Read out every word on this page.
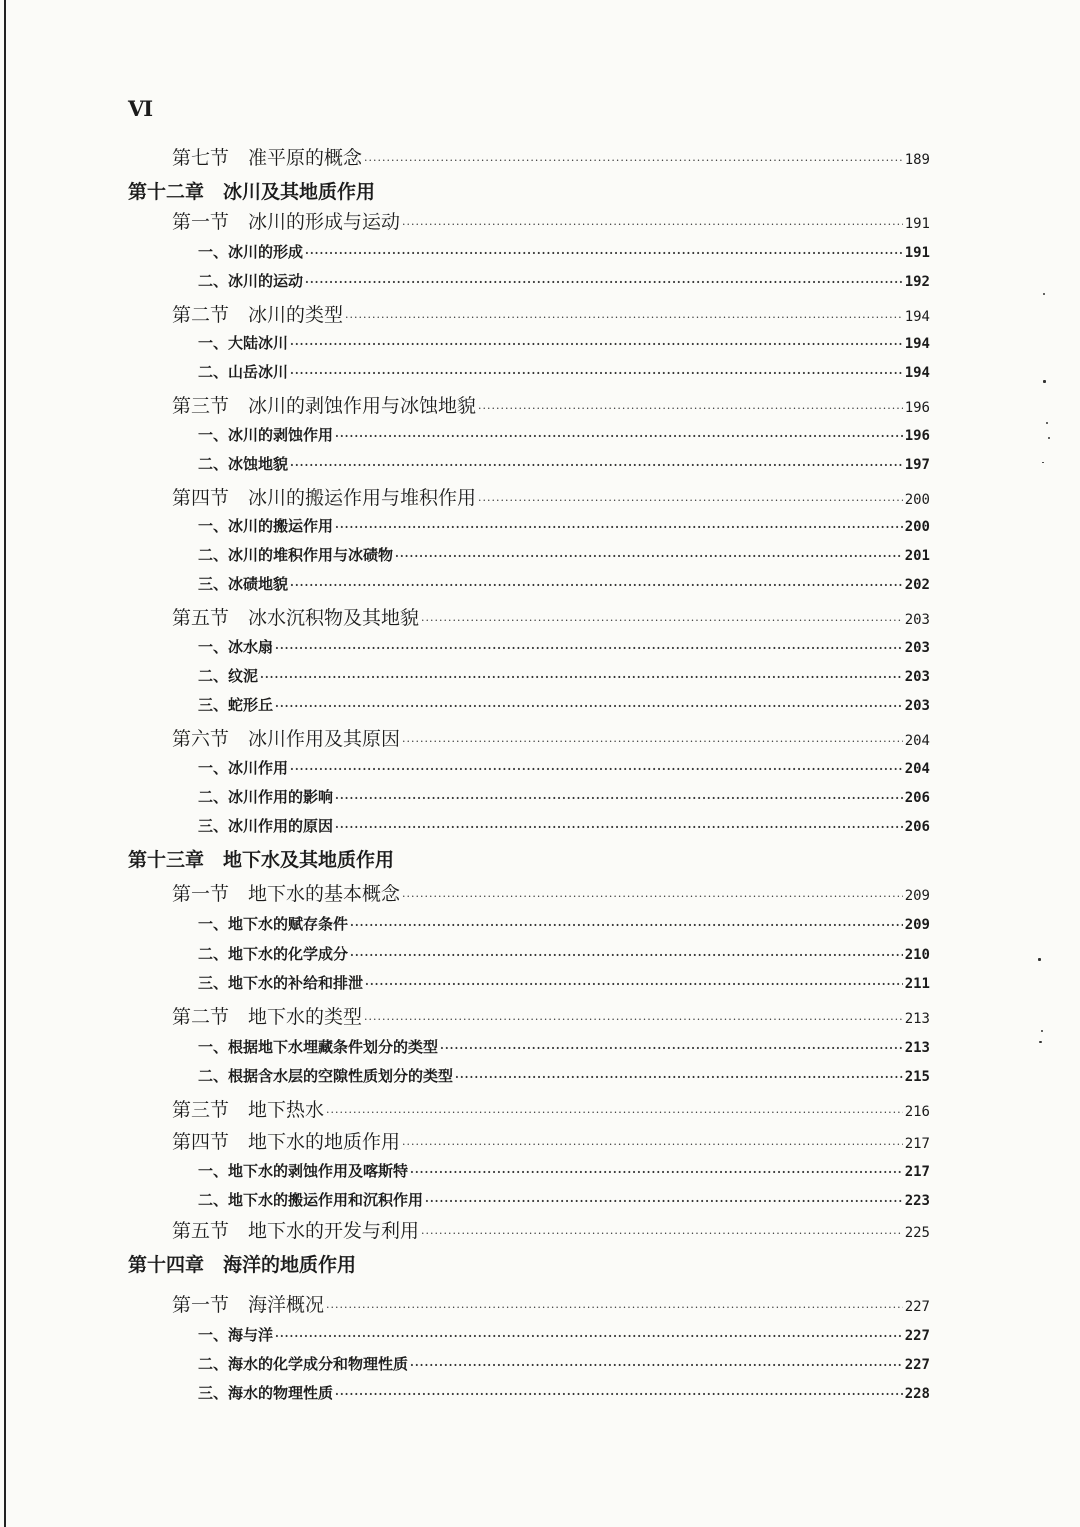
VI
第七节　准平原的概念 ·····	189
第十二章　冰川及其地质作用
第一节　冰川的形成与运动 ·····	191
一、冰川的形成 ·····	191
二、冰川的运动 ·····	192
第二节　冰川的类型 ·····	194
一、大陆冰川 ·····	194
二、山岳冰川 ·····	194
第三节　冰川的剥蚀作用与冰蚀地貌 ·····	196
一、冰川的剥蚀作用 ·····	196
二、冰蚀地貌 ·····	197
第四节　冰川的搬运作用与堆积作用 ·····	200
一、冰川的搬运作用 ·····	200
二、冰川的堆积作用与冰碛物 ·····	201
三、冰碛地貌 ·····	202
第五节　冰水沉积物及其地貌 ·····	203
一、冰水扇 ·····	203
二、纹泥 ·····	203
三、蛇形丘 ·····	203
第六节　冰川作用及其原因 ·····	204
一、冰川作用 ·····	204
二、冰川作用的影响 ·····	206
三、冰川作用的原因 ·····	206
第十三章　地下水及其地质作用
第一节　地下水的基本概念 ·····	209
一、地下水的赋存条件 ·····	209
二、地下水的化学成分 ·····	210
三、地下水的补给和排泄 ·····	211
第二节　地下水的类型 ·····	213
一、根据地下水埋藏条件划分的类型 ·····	213
二、根据含水层的空隙性质划分的类型 ·····	215
第三节　地下热水 ·····	216
第四节　地下水的地质作用 ·····	217
一、地下水的剥蚀作用及喀斯特 ·····	217
二、地下水的搬运作用和沉积作用 ·····	223
第五节　地下水的开发与利用 ·····	225
第十四章　海洋的地质作用
第一节　海洋概况 ·····	227
一、海与洋 ·····	227
二、海水的化学成分和物理性质 ·····	227
三、海水的物理性质 ·····	228
